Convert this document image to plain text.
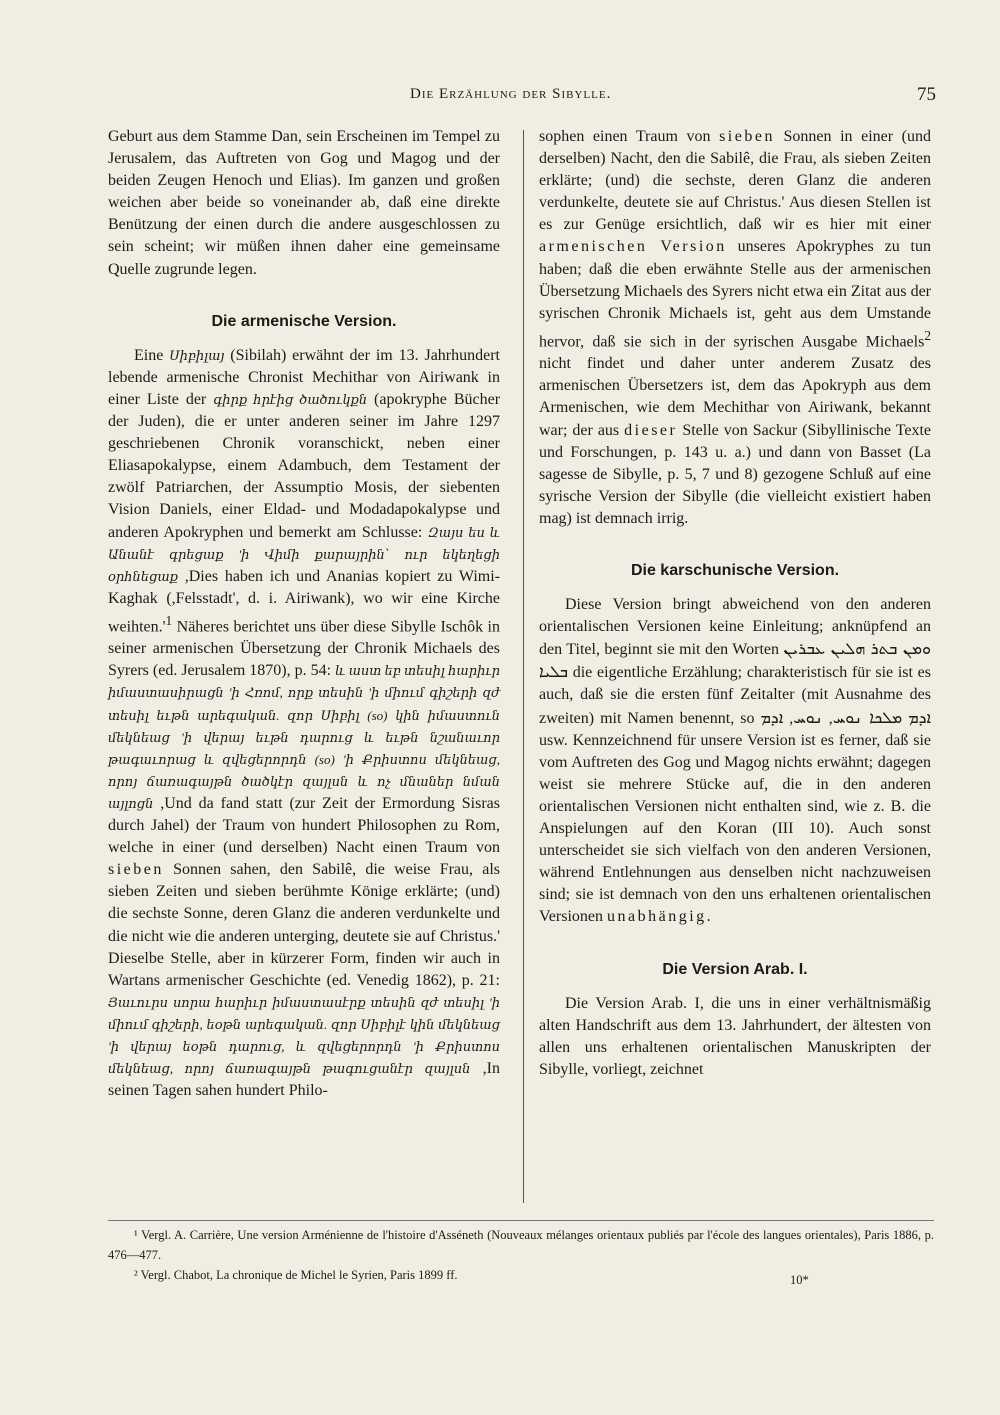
Die Erzählung der Sibylle.	75

Geburt aus dem Stamme Dan, sein Erscheinen im Tempel zu Jerusalem, das Auftreten von Gog und Magog und der beiden Zeugen Henoch und Elias). Im ganzen und großen weichen aber beide so voneinander ab, daß eine direkte Benützung der einen durch die andere ausgeschlossen zu sein scheint; wir müßen ihnen daher eine gemeinsame Quelle zugrunde legen.

Die armenische Version.

Eine Սիբիլայ (Sibilah) erwähnt der im 13. Jahrhundert lebende armenische Chronist Mechithar von Airiwank in einer Liste der գիրք հրէից ծածուկքն (apokryphe Bücher der Juden), die er unter anderen seiner im Jahre 1297 geschriebenen Chronik voranschickt, neben einer Eliasapokalypse, einem Adambuch, dem Testament der zwölf Patriarchen, der Assumptio Mosis, der siebenten Vision Daniels, einer Eldad- und Modadapokalypse und anderen Apokryphen und bemerkt am Schlusse: Զայս ես և Անանէ գրեցաք 'ի Վիմի քարայրին՝ ուր եկեղեցի օրհնեցաք ,Dies haben ich und Ananias kopiert zu Wimi-Kaghak (,Felsstadt', d. i. Airiwank), wo wir eine Kirche $weihten.'^1$ Näheres berichtet uns über diese Sibylle Ischôk in seiner armenischen Übersetzung der Chronik Michaels des Syrers (ed. Jerusalem 1870), p. 54: և աստ եբ տեսիլ հարիւր իմաստասիրացն 'ի Հռոմ, որք տեսին 'ի միում գիշերի զժ տեսիլ եւթն արեգական. զոր Սիբիլ (so) կին իմաստուն մեկնեաց 'ի վերայ եւթն դարուց և եւթն նշանաւոր թագաւորաց և զվեցերորդն (so) 'ի Քրիստոս մեկնեաց, որոյ ճառագայթն ծածկէր զայլսն և ոչ մնաներ նման այլոցն ,Und da fand statt (zur Zeit der Ermordung Sisras durch Jahel) der Traum von hundert Philosophen zu Rom, welche in einer (und derselben) Nacht einen Traum von sieben Sonnen sahen, den Sabilê, die weise Frau, als sieben Zeiten und sieben berühmte Könige erklärte; (und) die sechste Sonne, deren Glanz die anderen verdunkelte und die nicht wie die anderen unterging, deutete sie auf Christus.' Dieselbe Stelle, aber in kürzerer Form, finden wir auch in Wartans armenischer Geschichte (ed. Venedig 1862), p. 21: Յաւուրս սորա հարիւր իմաստասէրք տեսին զժ տեսիլ 'ի միում գիշերի, եօթն արեգական. զոր Սիբիլէ կին մեկնեաց 'ի վերայ եօթն դարուց, և զվեցերորդն 'ի Քրիստոս մեկնեաց, որոյ ճառագայթն թագուցանէր զայլսն ,In seinen Tagen sahen hundert Philo-

sophen einen Traum von sieben Sonnen in einer (und derselben) Nacht, den die Sabilê, die Frau, als sieben Zeiten erklärte; (und) die sechste, deren Glanz die anderen verdunkelte, deutete sie auf Christus.' Aus diesen Stellen ist es zur Genüge ersichtlich, daß wir es hier mit einer armenischen Version unseres Apokryphes zu tun haben; daß die eben erwähnte Stelle aus der armenischen Übersetzung Michaels des Syrers nicht etwa ein Zitat aus der syrischen Chronik Michaels ist, geht aus dem Umstande hervor, daß sie sich in der syrischen Ausgabe Michaels$^2$ nicht findet und daher unter anderem Zusatz des armenischen Übersetzers ist, dem das Apokryph aus dem Armenischen, wie dem Mechithar von Airiwank, bekannt war; der aus dieser Stelle von Sackur (Sibyllinische Texte und Forschungen, p. 143 u. a.) und dann von Basset (La sagesse de Sibylle, p. 5, 7 und 8) gezogene Schluß auf eine syrische Version der Sibylle (die vielleicht existiert haben mag) ist demnach irrig.

Die karschunische Version.

Diese Version bringt abweichend von den anderen orientalischen Versionen keine Einleitung; anknüpfend an den Titel, beginnt sie mit den Worten ܘܡܢ ܒܬܪ ܗܠܝܢ ܥܒܪܝܢ ܒܠܝܐ die eigentliche Erzählung; charakteristisch für sie ist es auch, daß sie die ersten fünf Zeitalter (mit Ausnahme des zweiten) mit Namen benennt, so	ܐܕܡ ܡܠܟܐ ܢܘܚ, ܢܘܚ, ܐܕܡ usw. Kennzeichnend für unsere Version ist es ferner, daß sie vom Auftreten des Gog und Magog nichts erwähnt; dagegen weist sie mehrere Stücke auf, die in den anderen orientalischen Versionen nicht enthalten sind, wie z. B. die Anspielungen auf den Koran (III 10). Auch sonst unterscheidet sie sich vielfach von den anderen Versionen, während Entlehnungen aus denselben nicht nachzuweisen sind; sie ist demnach von den uns erhaltenen orientalischen Versionen unabhängig.

Die Version Arab. I.

Die Version Arab. I, die uns in einer verhältnismäßig alten Handschrift aus dem 13. Jahrhundert, der ältesten von allen uns erhaltenen orientalischen Manuskripten der Sibylle, vorliegt, zeichnet

¹ Vergl. A. Carrière, Une version Arménienne de l'histoire d'Asséneth (Nouveaux mélanges orientaux publiés par l'école des langues orientales), Paris 1886, p. 476—477.

² Vergl. Chabot, La chronique de Michel le Syrien, Paris 1899 ff.	10*
